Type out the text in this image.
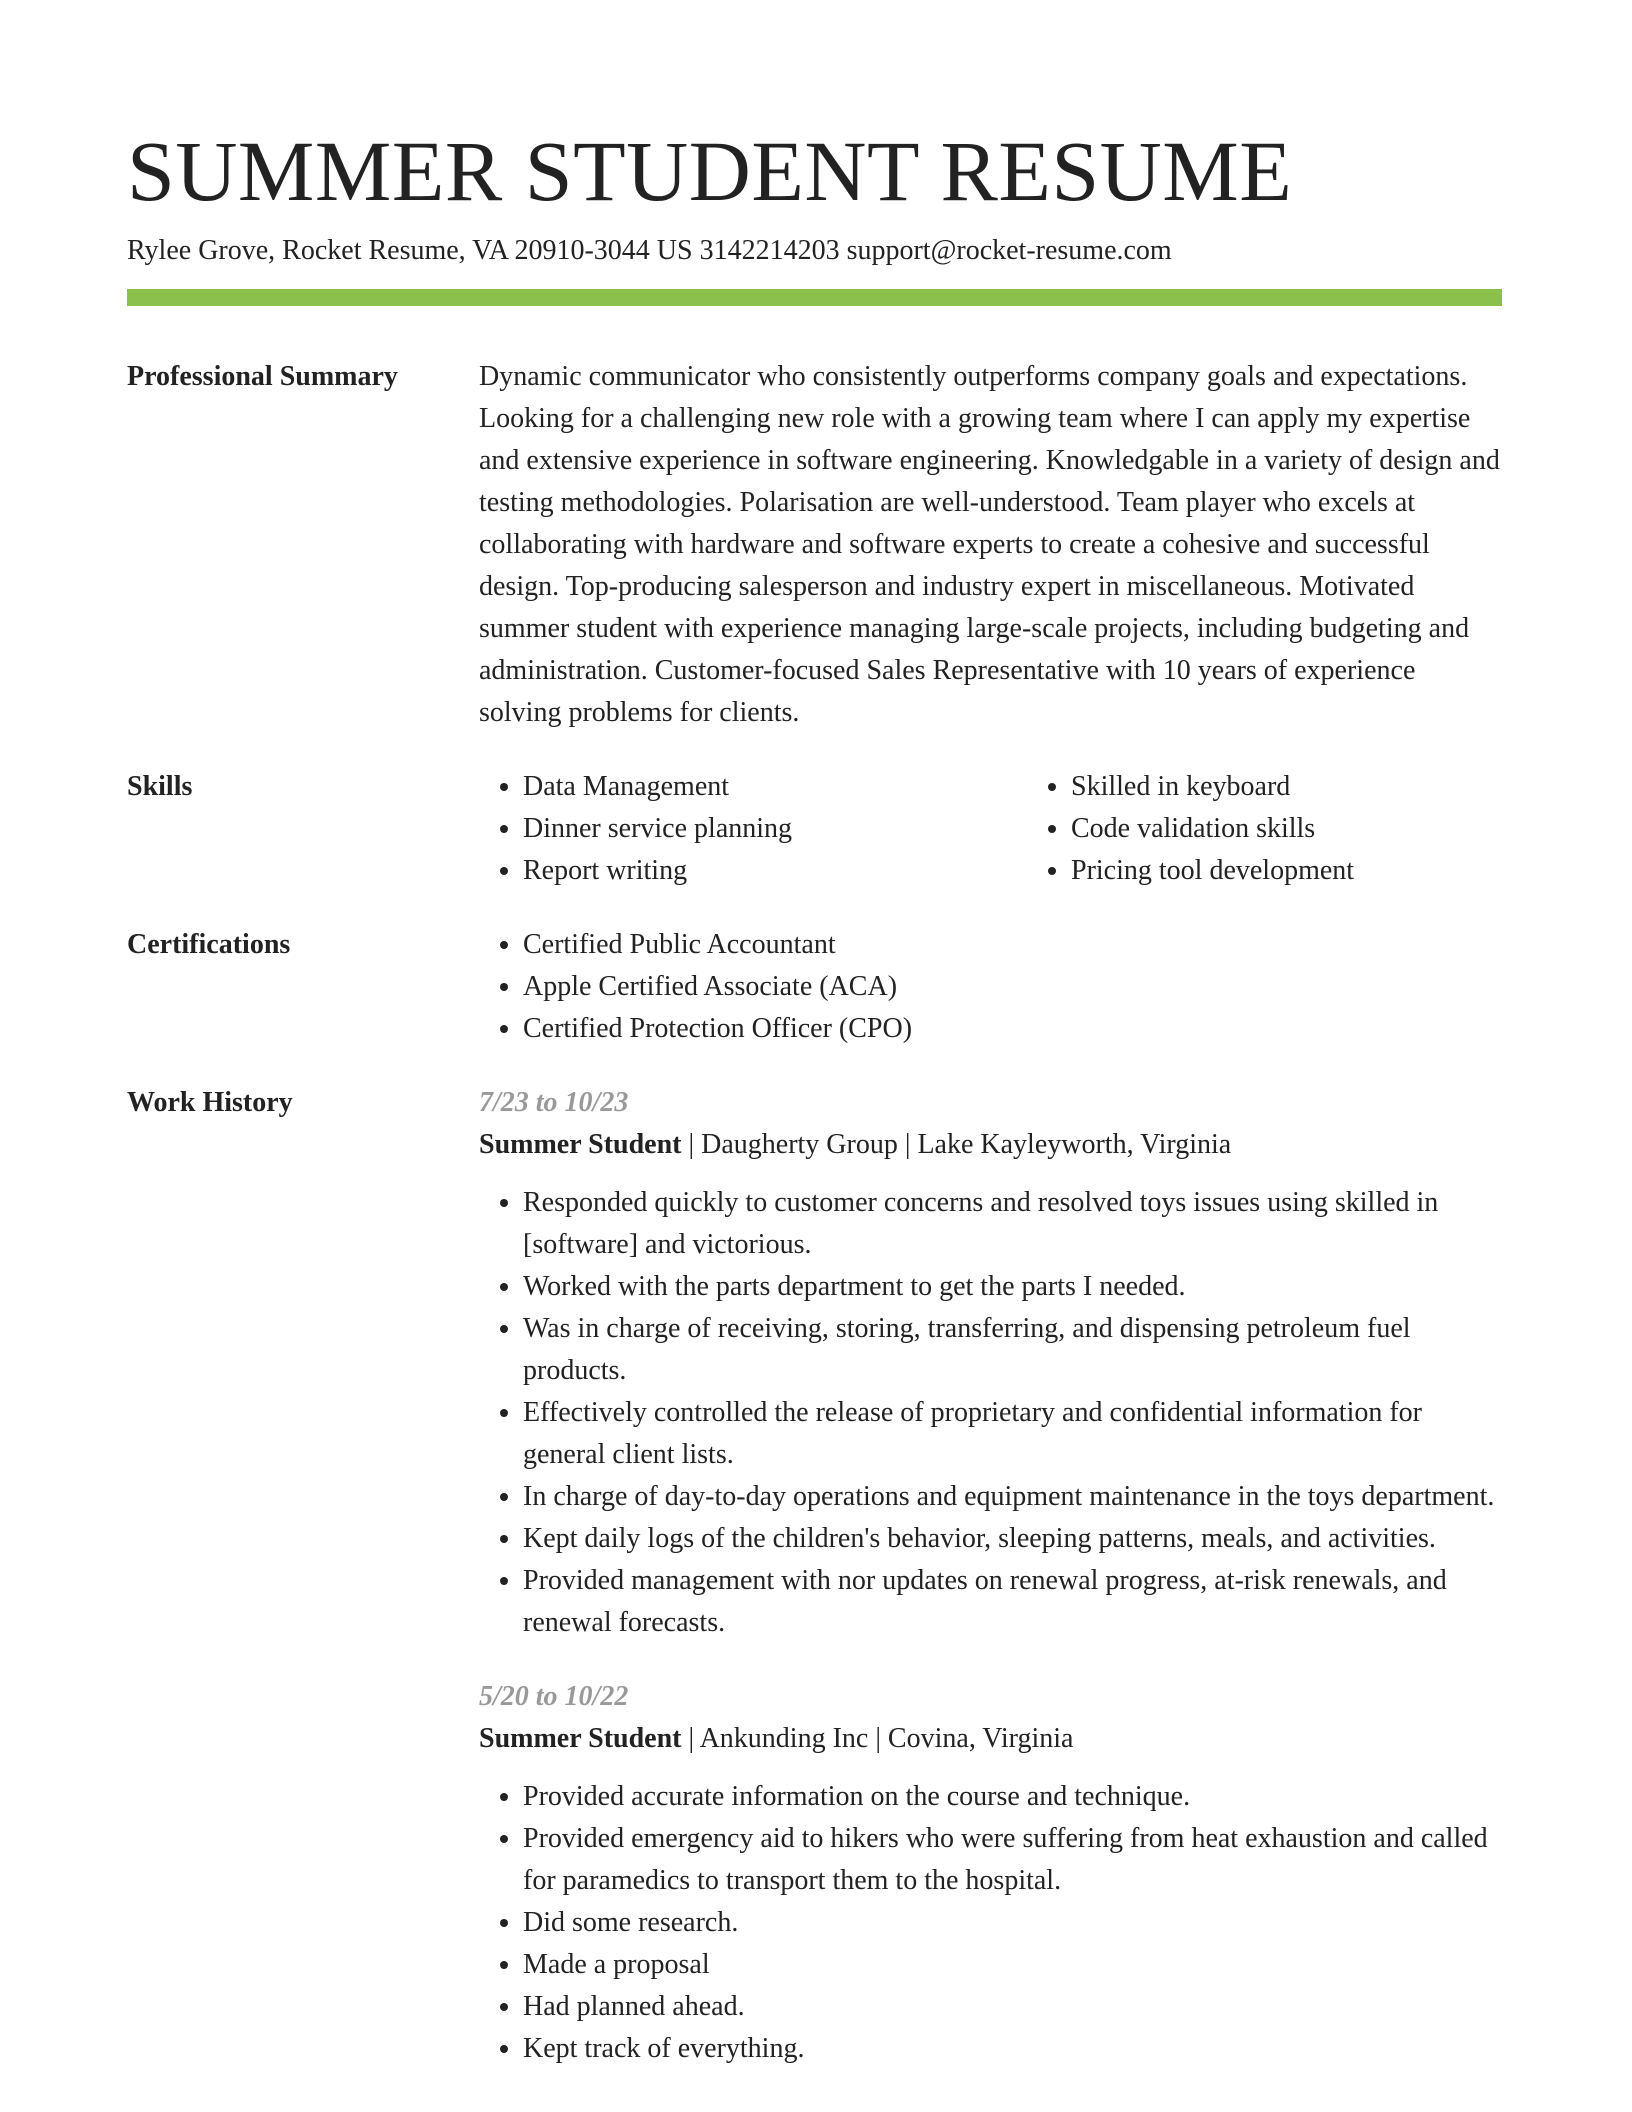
SUMMER STUDENT RESUME
Rylee Grove, Rocket Resume, VA 20910-3044 US 3142214203 support@rocket-resume.com
Professional Summary	Dynamic communicator who consistently outperforms company goals and expectations. Looking for a challenging new role with a growing team where I can apply my expertise and extensive experience in software engineering. Knowledgable in a variety of design and testing methodologies. Polarisation are well-understood. Team player who excels at collaborating with hardware and software experts to create a cohesive and successful design. Top-producing salesperson and industry expert in miscellaneous. Motivated summer student with experience managing large-scale projects, including budgeting and administration. Customer-focused Sales Representative with 10 years of experience solving problems for clients.
Skills	• Data Management
• Dinner service planning
• Report writing
• Skilled in keyboard
• Code validation skills
• Pricing tool development
Certifications	• Certified Public Accountant
• Apple Certified Associate (ACA)
• Certified Protection Officer (CPO)
Work History	7/23 to 10/23
Summer Student | Daugherty Group | Lake Kayleyworth, Virginia
• Responded quickly to customer concerns and resolved toys issues using skilled in [software] and victorious.
• Worked with the parts department to get the parts I needed.
• Was in charge of receiving, storing, transferring, and dispensing petroleum fuel products.
• Effectively controlled the release of proprietary and confidential information for general client lists.
• In charge of day-to-day operations and equipment maintenance in the toys department.
• Kept daily logs of the children's behavior, sleeping patterns, meals, and activities.
• Provided management with nor updates on renewal progress, at-risk renewals, and renewal forecasts.
5/20 to 10/22
Summer Student | Ankunding Inc | Covina, Virginia
• Provided accurate information on the course and technique.
• Provided emergency aid to hikers who were suffering from heat exhaustion and called for paramedics to transport them to the hospital.
• Did some research.
• Made a proposal
• Had planned ahead.
• Kept track of everything.
